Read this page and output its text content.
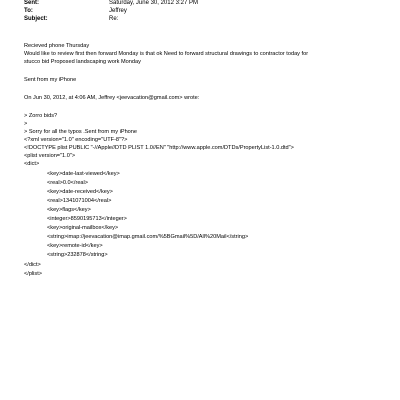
Sent:	Saturday, June 30, 2012 3:27 PM
To:	Jeffrey
Subject:	Re:
Recieved phone Thursday
Would like to review first then forward Monday is that ok Need to forward structural drawings to contractor today for
stucco bid Proposed landscaping work Monday
Sent from my iPhone
On Jun 30, 2012, at 4:06 AM, Jeffrey <jeevacation@gmail.com> wrote:
> Zorro bids?
>
> Sorry for all the typos .Sent from my iPhone
<?xml version="1.0" encoding="UTF-8"?>
<!DOCTYPE plist PUBLIC "-//Apple//DTD PLIST 1.0//EN" "http://www.apple.com/DTDs/PropertyList-1.0.dtd">
<plist version="1.0">
<dict>
<key>date-last-viewed</key>
<real>0.0</real>
<key>date-received</key>
<real>1341071004</real>
<key>flags</key>
<integer>8590195713</integer>
<key>original-mailbox</key>
<string>imap://jeevacation@imap.gmail.com/%5BGmail%5D/All%20Mail</string>
<key>remote-id</key>
<string>232878</string>
</dict>
</plist>
